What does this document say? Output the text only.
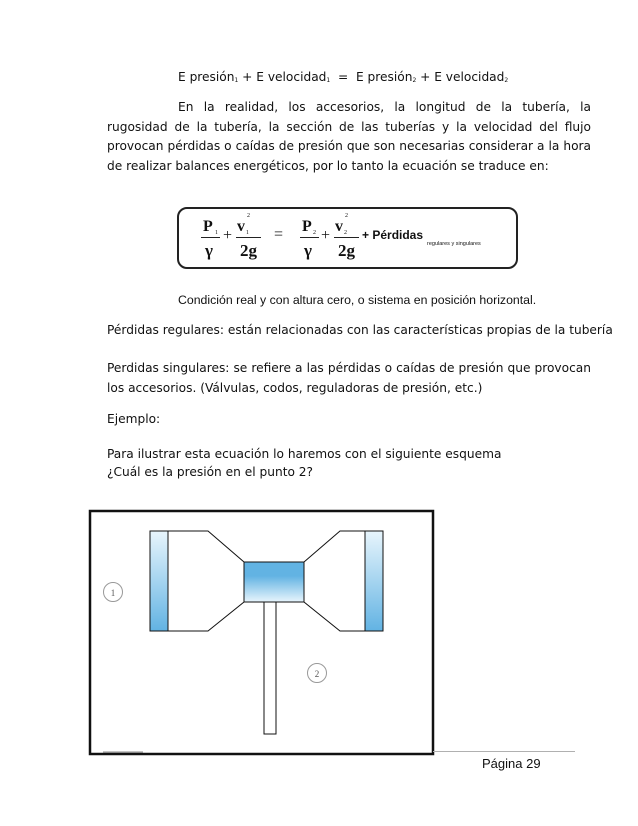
E presión$_1$ + E velocidad$_1$ = E presión$_2$ + E velocidad$_2$
En la realidad, los accesorios, la longitud de la tubería, la rugosidad de la tubería, la sección de las tuberías y la velocidad del flujo provocan pérdidas o caídas de presión que son necesarias considerar a la hora de realizar balances energéticos, por lo tanto la ecuación se traduce en:
P 1
γ
+
v
2
1
2g
= P 2
γ
+
v
2
2
2g
+ Pérdidas
regulares y singulares
Condición real y con altura cero, o sistema en posición horizontal.
Pérdidas regulares: están relacionadas con las características propias de la tubería
Perdidas singulares: se refiere a las pérdidas o caídas de presión que provocan los accesorios. (Válvulas, codos, reguladoras de presión, etc.)
Ejemplo:
Para ilustrar esta ecuación lo haremos con el siguiente esquema
¿Cuál es la presión en el punto 2?
1
2
Página 29
